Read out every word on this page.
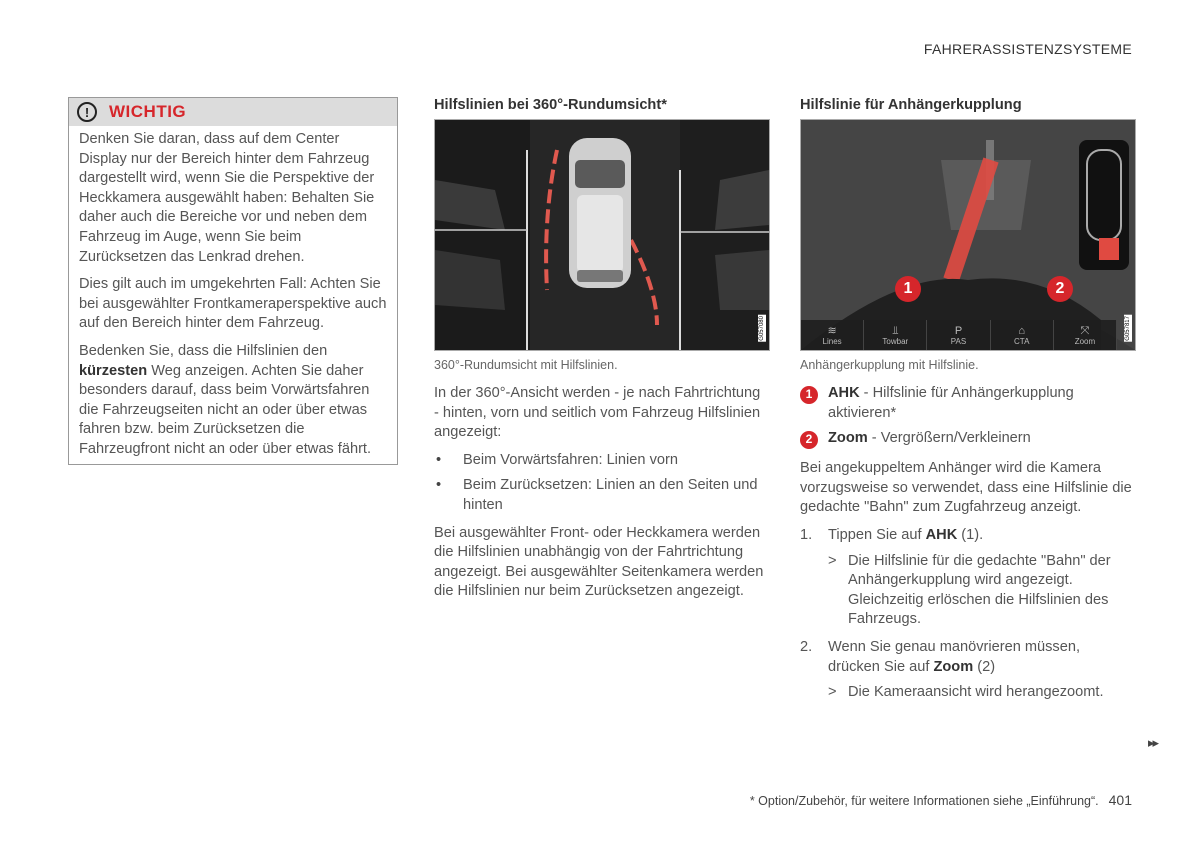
FAHRERASSISTENZSYSTEME
!	WICHTIG

Denken Sie daran, dass auf dem Center Display nur der Bereich hinter dem Fahrzeug dargestellt wird, wenn Sie die Perspektive der Heckkamera ausgewählt haben: Behalten Sie daher auch die Bereiche vor und neben dem Fahrzeug im Auge, wenn Sie beim Zurücksetzen das Lenkrad drehen.

Dies gilt auch im umgekehrten Fall: Achten Sie bei ausgewählter Frontkameraperspektive auch auf den Bereich hinter dem Fahrzeug.

Bedenken Sie, dass die Hilfslinien den kürzesten Weg anzeigen. Achten Sie daher besonders darauf, dass beim Vorwärtsfahren die Fahrzeugseiten nicht an oder über etwas fahren bzw. beim Zurücksetzen die Fahrzeugfront nicht an oder über etwas fährt.

Hilfslinien bei 360°-Rundumsicht*
G057080
360°-Rundumsicht mit Hilfslinien.

In der 360°-Ansicht werden - je nach Fahrtrichtung - hinten, vorn und seitlich vom Fahrzeug Hilfslinien angezeigt:

• Beim Vorwärtsfahren: Linien vorn
• Beim Zurücksetzen: Linien an den Seiten und hinten

Bei ausgewählter Front- oder Heckkamera werden die Hilfslinien unabhängig von der Fahrtrichtung angezeigt. Bei ausgewählter Seitenkamera werden die Hilfslinien nur beim Zurücksetzen angezeigt.

Hilfslinie für Anhängerkupplung
1	2
≋
Lines
⫫
Towbar
P
PAS
⌂
CTA
⤧
Zoom	G057817
Anhängerkupplung mit Hilfslinie.
1	AHK - Hilfslinie für Anhängerkupplung aktivieren*
2	Zoom - Vergrößern/Verkleinern

Bei angekuppeltem Anhänger wird die Kamera vorzugsweise so verwendet, dass eine Hilfslinie die gedachte "Bahn" zum Zugfahrzeug anzeigt.

1.	Tippen Sie auf AHK (1).
> Die Hilfslinie für die gedachte "Bahn" der Anhängerkupplung wird angezeigt. Gleichzeitig erlöschen die Hilfslinien des Fahrzeugs.
2.	Wenn Sie genau manövrieren müssen, drücken Sie auf Zoom (2)
> Die Kameraansicht wird herangezoomt.
▸▸
* Option/Zubehör, für weitere Informationen siehe „Einführung“. 401
